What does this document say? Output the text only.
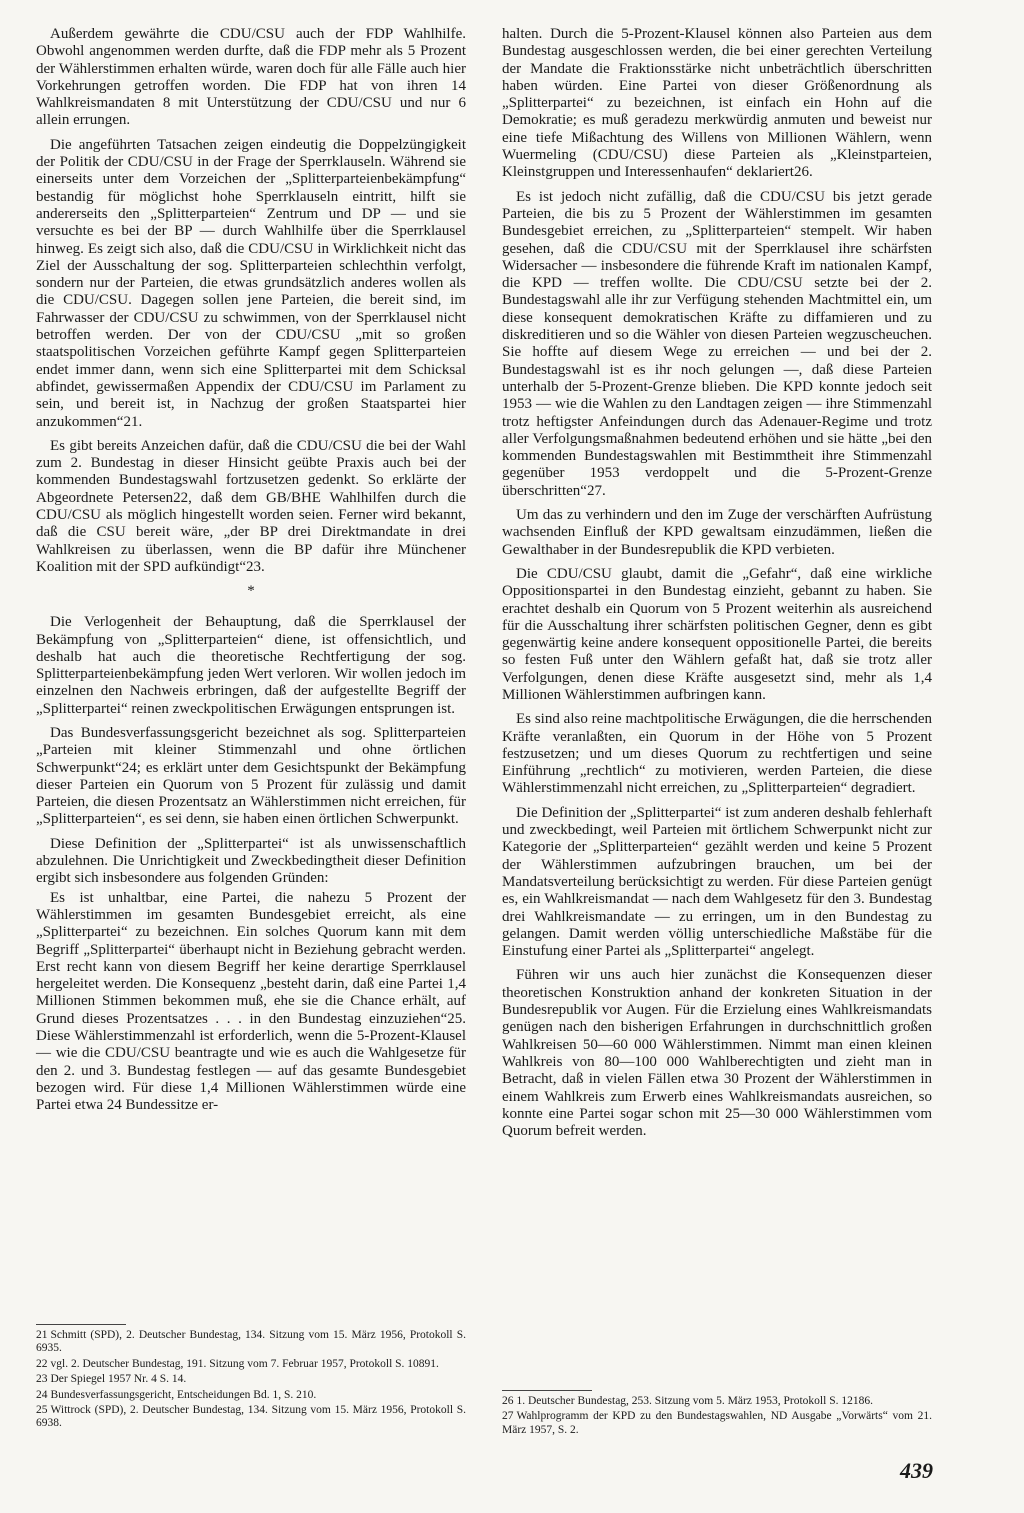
Außerdem gewährte die CDU/CSU auch der FDP Wahlhilfe. Obwohl angenommen werden durfte, daß die FDP mehr als 5 Prozent der Wählerstimmen erhalten würde, waren doch für alle Fälle auch hier Vorkehrungen getroffen worden. Die FDP hat von ihren 14 Wahlkreismandaten 8 mit Unterstützung der CDU/CSU und nur 6 allein errungen.

Die angeführten Tatsachen zeigen eindeutig die Doppelzüngigkeit der Politik der CDU/CSU in der Frage der Sperrklauseln. Während sie einerseits unter dem Vorzeichen der „Splitterparteienbekämpfung“ bestandig für möglichst hohe Sperrklauseln eintritt, hilft sie andererseits den „Splitterparteien“ Zentrum und DP — und sie versuchte es bei der BP — durch Wahlhilfe über die Sperrklausel hinweg. Es zeigt sich also, daß die CDU/CSU in Wirklichkeit nicht das Ziel der Ausschaltung der sog. Splitterparteien schlechthin verfolgt, sondern nur der Parteien, die etwas grundsätzlich anderes wollen als die CDU/CSU. Dagegen sollen jene Parteien, die bereit sind, im Fahrwasser der CDU/CSU zu schwimmen, von der Sperrklausel nicht betroffen werden. Der von der CDU/CSU „mit so großen staatspolitischen Vorzeichen geführte Kampf gegen Splitterparteien endet immer dann, wenn sich eine Splitterpartei mit dem Schicksal abfindet, gewissermaßen Appendix der CDU/CSU im Parlament zu sein, und bereit ist, in Nachzug der großen Staatspartei hier anzukommen“21.

Es gibt bereits Anzeichen dafür, daß die CDU/CSU die bei der Wahl zum 2. Bundestag in dieser Hinsicht geübte Praxis auch bei der kommenden Bundestagswahl fortzusetzen gedenkt. So erklärte der Abgeordnete Petersen22, daß dem GB/BHE Wahlhilfen durch die CDU/CSU als möglich hingestellt worden seien. Ferner wird bekannt, daß die CSU bereit wäre, „der BP drei Direktmandate in drei Wahlkreisen zu überlassen, wenn die BP dafür ihre Münchener Koalition mit der SPD aufkündigt“23.

*

Die Verlogenheit der Behauptung, daß die Sperrklausel der Bekämpfung von „Splitterparteien“ diene, ist offensichtlich, und deshalb hat auch die theoretische Rechtfertigung der sog. Splitterparteienbekämpfung jeden Wert verloren. Wir wollen jedoch im einzelnen den Nachweis erbringen, daß der aufgestellte Begriff der „Splitterpartei“ reinen zweckpolitischen Erwägungen entsprungen ist.

Das Bundesverfassungsgericht bezeichnet als sog. Splitterparteien „Parteien mit kleiner Stimmenzahl und ohne örtlichen Schwerpunkt“24; es erklärt unter dem Gesichtspunkt der Bekämpfung dieser Parteien ein Quorum von 5 Prozent für zulässig und damit Parteien, die diesen Prozentsatz an Wählerstimmen nicht erreichen, für „Splitterparteien“, es sei denn, sie haben einen örtlichen Schwerpunkt.

Diese Definition der „Splitterpartei“ ist als unwissenschaftlich abzulehnen. Die Unrichtigkeit und Zweckbedingtheit dieser Definition ergibt sich insbesondere aus folgenden Gründen:

Es ist unhaltbar, eine Partei, die nahezu 5 Prozent der Wählerstimmen im gesamten Bundesgebiet erreicht, als eine „Splitterpartei“ zu bezeichnen. Ein solches Quorum kann mit dem Begriff „Splitterpartei“ überhaupt nicht in Beziehung gebracht werden. Erst recht kann von diesem Begriff her keine derartige Sperrklausel hergeleitet werden. Die Konsequenz „besteht darin, daß eine Partei 1,4 Millionen Stimmen bekommen muß, ehe sie die Chance erhält, auf Grund dieses Prozentsatzes . . . in den Bundestag einzuziehen“25. Diese Wählerstimmenzahl ist erforderlich, wenn die 5-Prozent-Klausel — wie die CDU/CSU beantragte und wie es auch die Wahlgesetze für den 2. und 3. Bundestag festlegen — auf das gesamte Bundesgebiet bezogen wird. Für diese 1,4 Millionen Wählerstimmen würde eine Partei etwa 24 Bundessitze er-

21 Schmitt (SPD), 2. Deutscher Bundestag, 134. Sitzung vom 15. März 1956, Protokoll S. 6935.
22 vgl. 2. Deutscher Bundestag, 191. Sitzung vom 7. Februar 1957, Protokoll S. 10891.
23 Der Spiegel 1957 Nr. 4 S. 14.
24 Bundesverfassungsgericht, Entscheidungen Bd. 1, S. 210.
25 Wittrock (SPD), 2. Deutscher Bundestag, 134. Sitzung vom 15. März 1956, Protokoll S. 6938.

halten. Durch die 5-Prozent-Klausel können also Parteien aus dem Bundestag ausgeschlossen werden, die bei einer gerechten Verteilung der Mandate die Fraktionsstärke nicht unbeträchtlich überschritten haben würden. Eine Partei von dieser Größenordnung als „Splitterpartei“ zu bezeichnen, ist einfach ein Hohn auf die Demokratie; es muß geradezu merkwürdig anmuten und beweist nur eine tiefe Mißachtung des Willens von Millionen Wählern, wenn Wuermeling (CDU/CSU) diese Parteien als „Kleinstparteien, Kleinstgruppen und Interessenhaufen“ deklariert26.

Es ist jedoch nicht zufällig, daß die CDU/CSU bis jetzt gerade Parteien, die bis zu 5 Prozent der Wählerstimmen im gesamten Bundesgebiet erreichen, zu „Splitterparteien“ stempelt. Wir haben gesehen, daß die CDU/CSU mit der Sperrklausel ihre schärfsten Widersacher — insbesondere die führende Kraft im nationalen Kampf, die KPD — treffen wollte. Die CDU/CSU setzte bei der 2. Bundestagswahl alle ihr zur Verfügung stehenden Machtmittel ein, um diese konsequent demokratischen Kräfte zu diffamieren und zu diskreditieren und so die Wähler von diesen Parteien wegzuscheuchen. Sie hoffte auf diesem Wege zu erreichen — und bei der 2. Bundestagswahl ist es ihr noch gelungen —, daß diese Parteien unterhalb der 5-Prozent-Grenze blieben. Die KPD konnte jedoch seit 1953 — wie die Wahlen zu den Landtagen zeigen — ihre Stimmenzahl trotz heftigster Anfeindungen durch das Adenauer-Regime und trotz aller Verfolgungsmaßnahmen bedeutend erhöhen und sie hätte „bei den kommenden Bundestagswahlen mit Bestimmtheit ihre Stimmenzahl gegenüber 1953 verdoppelt und die 5-Prozent-Grenze überschritten“27.

Um das zu verhindern und den im Zuge der verschärften Aufrüstung wachsenden Einfluß der KPD gewaltsam einzudämmen, ließen die Gewalthaber in der Bundesrepublik die KPD verbieten.

Die CDU/CSU glaubt, damit die „Gefahr“, daß eine wirkliche Oppositionspartei in den Bundestag einzieht, gebannt zu haben. Sie erachtet deshalb ein Quorum von 5 Prozent weiterhin als ausreichend für die Ausschaltung ihrer schärfsten politischen Gegner, denn es gibt gegenwärtig keine andere konsequent oppositionelle Partei, die bereits so festen Fuß unter den Wählern gefaßt hat, daß sie trotz aller Verfolgungen, denen diese Kräfte ausgesetzt sind, mehr als 1,4 Millionen Wählerstimmen aufbringen kann.

Es sind also reine machtpolitische Erwägungen, die die herrschenden Kräfte veranlaßten, ein Quorum in der Höhe von 5 Prozent festzusetzen; und um dieses Quorum zu rechtfertigen und seine Einführung „rechtlich“ zu motivieren, werden Parteien, die diese Wählerstimmenzahl nicht erreichen, zu „Splitterparteien“ degradiert.

Die Definition der „Splitterpartei“ ist zum anderen deshalb fehlerhaft und zweckbedingt, weil Parteien mit örtlichem Schwerpunkt nicht zur Kategorie der „Splitterparteien“ gezählt werden und keine 5 Prozent der Wählerstimmen aufzubringen brauchen, um bei der Mandatsverteilung berücksichtigt zu werden. Für diese Parteien genügt es, ein Wahlkreismandat — nach dem Wahlgesetz für den 3. Bundestag drei Wahlkreismandate — zu erringen, um in den Bundestag zu gelangen. Damit werden völlig unterschiedliche Maßstäbe für die Einstufung einer Partei als „Splitterpartei“ angelegt.

Führen wir uns auch hier zunächst die Konsequenzen dieser theoretischen Konstruktion anhand der konkreten Situation in der Bundesrepublik vor Augen. Für die Erzielung eines Wahlkreismandats genügen nach den bisherigen Erfahrungen in durchschnittlich großen Wahlkreisen 50—60 000 Wählerstimmen. Nimmt man einen kleinen Wahlkreis von 80—100 000 Wahlberechtigten und zieht man in Betracht, daß in vielen Fällen etwa 30 Prozent der Wählerstimmen in einem Wahlkreis zum Erwerb eines Wahlkreismandats ausreichen, so konnte eine Partei sogar schon mit 25—30 000 Wählerstimmen vom Quorum befreit werden.

26 1. Deutscher Bundestag, 253. Sitzung vom 5. März 1953, Protokoll S. 12186.
27 Wahlprogramm der KPD zu den Bundestagswahlen, ND Ausgabe „Vorwärts“ vom 21. März 1957, S. 2.
439
